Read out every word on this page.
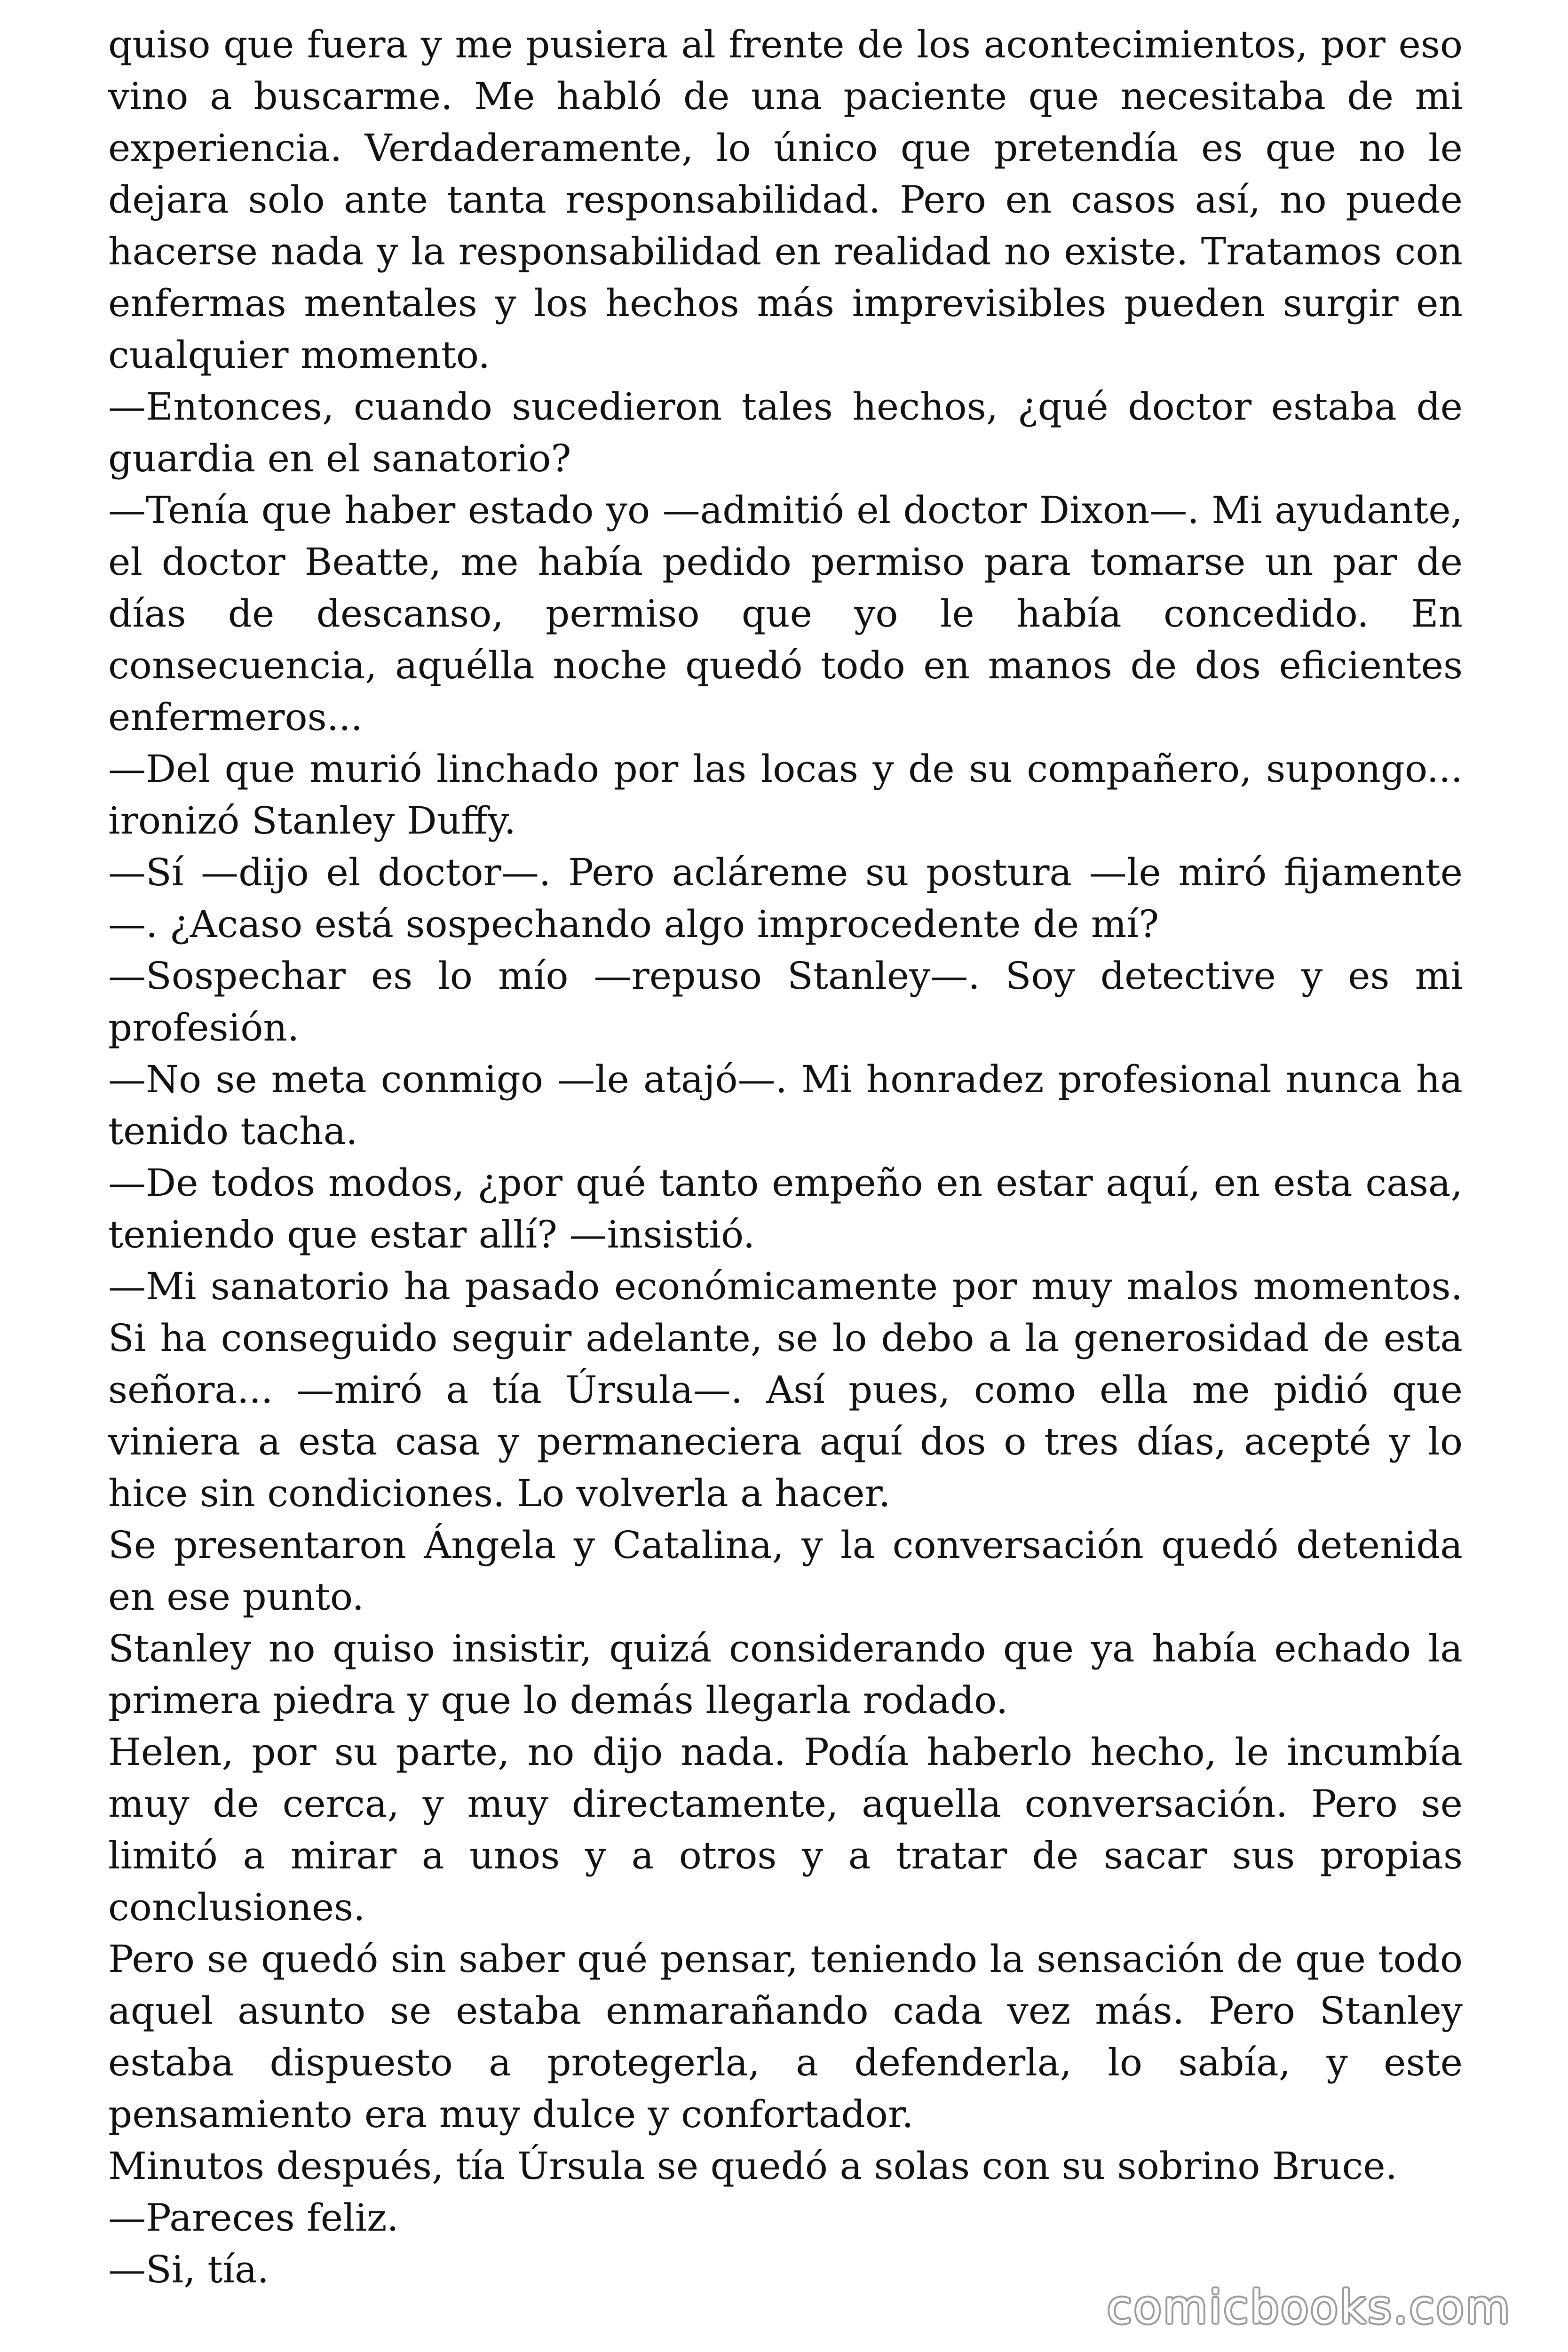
quiso que fuera y me pusiera al frente de los acontecimientos, por eso vino a buscarme. Me habló de una paciente que necesitaba de mi experiencia. Verdaderamente, lo único que pretendía es que no le dejara solo ante tanta responsabilidad. Pero en casos así, no puede hacerse nada y la responsabilidad en realidad no existe. Tratamos con enfermas mentales y los hechos más imprevisibles pueden surgir en cualquier momento.

—Entonces, cuando sucedieron tales hechos, ¿qué doctor estaba de guardia en el sanatorio?

—Tenía que haber estado yo —admitió el doctor Dixon—. Mi ayudante, el doctor Beatte, me había pedido permiso para tomarse un par de días de descanso, permiso que yo le había concedido. En consecuencia, aquélla noche quedó todo en manos de dos eficientes enfermeros...

—Del que murió linchado por las locas y de su compañero, supongo... ironizó Stanley Duffy.

—Sí —dijo el doctor—. Pero acláreme su postura —le miró fijamente —. ¿Acaso está sospechando algo improcedente de mí?

—Sospechar es lo mío —repuso Stanley—. Soy detective y es mi profesión.

—No se meta conmigo —le atajó—. Mi honradez profesional nunca ha tenido tacha.

—De todos modos, ¿por qué tanto empeño en estar aquí, en esta casa, teniendo que estar allí? —insistió.

—Mi sanatorio ha pasado económicamente por muy malos momentos. Si ha conseguido seguir adelante, se lo debo a la generosidad de esta señora... —miró a tía Úrsula—. Así pues, como ella me pidió que viniera a esta casa y permaneciera aquí dos o tres días, acepté y lo hice sin condiciones. Lo volverla a hacer.

Se presentaron Ángela y Catalina, y la conversación quedó detenida en ese punto.

Stanley no quiso insistir, quizá considerando que ya había echado la primera piedra y que lo demás llegarla rodado.

Helen, por su parte, no dijo nada. Podía haberlo hecho, le incumbía muy de cerca, y muy directamente, aquella conversación. Pero se limitó a mirar a unos y a otros y a tratar de sacar sus propias conclusiones.

Pero se quedó sin saber qué pensar, teniendo la sensación de que todo aquel asunto se estaba enmarañando cada vez más. Pero Stanley estaba dispuesto a protegerla, a defenderla, lo sabía, y este pensamiento era muy dulce y confortador.

Minutos después, tía Úrsula se quedó a solas con su sobrino Bruce.

—Pareces feliz.

—Si, tía.

comicbooks.com
